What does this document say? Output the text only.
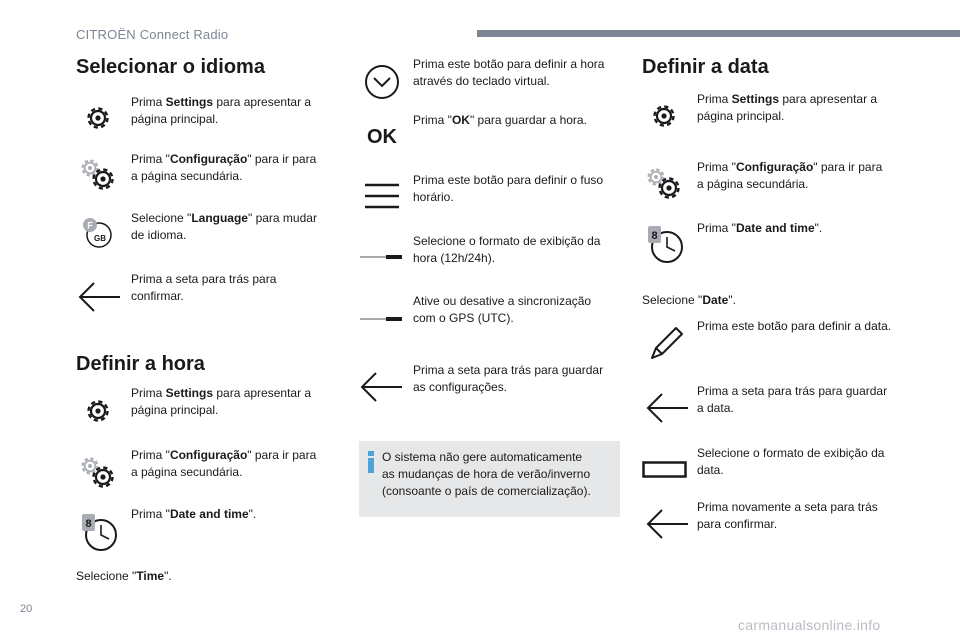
CITROËN Connect Radio
Selecionar o idioma
Prima Settings para apresentar a
página principal.
Prima "Configuração" para ir para
a página secundária.
F
GB
Selecione "Language" para mudar
de idioma.
Prima a seta para trás para
confirmar.
Definir a hora
Prima Settings para apresentar a
página principal.
Prima "Configuração" para ir para
a página secundária.
8
Prima "Date and time".
Selecione "Time".
Prima este botão para definir a hora
através do teclado virtual.
OK
Prima "OK" para guardar a hora.
Prima este botão para definir o fuso
horário.
Selecione o formato de exibição da
hora (12h/24h).
Ative ou desative a sincronização
com o GPS (UTC).
Prima a seta para trás para guardar
as configurações.
O sistema não gere automaticamente
as mudanças de hora de verão/inverno
(consoante o país de comercialização).
Definir a data
Prima Settings para apresentar a
página principal.
Prima "Configuração" para ir para
a página secundária.
8
Prima "Date and time".
Selecione "Date".
Prima este botão para definir a data.
Prima a seta para trás para guardar
a data.
Selecione o formato de exibição da
data.
Prima novamente a seta para trás
para confirmar.
20
carmanualsonline.info
